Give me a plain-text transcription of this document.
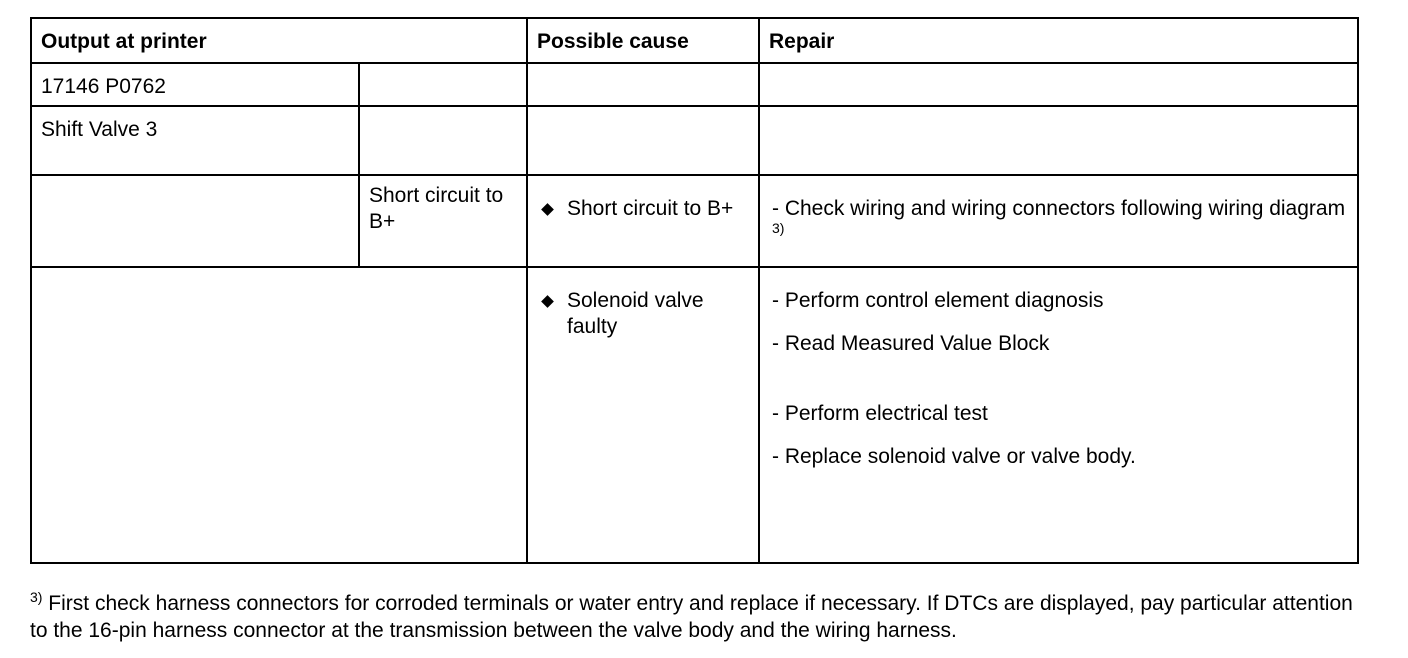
Output at printer		Possible cause	Repair
17146 P0762			
Shift Valve 3			
	Short circuit to B+	Short circuit to B+	- Check wiring and wiring connectors following wiring diagram $^{3)}$

		Solenoid valve faulty	- Perform control element diagnosis
- Read Measured Value Block
- Perform electrical test
- Replace solenoid valve or valve body.
$^{3)}$ First check harness connectors for corroded terminals or water entry and replace if necessary. If DTCs are displayed, pay particular attention to the 16-pin harness connector at the transmission between the valve body and the wiring harness.
